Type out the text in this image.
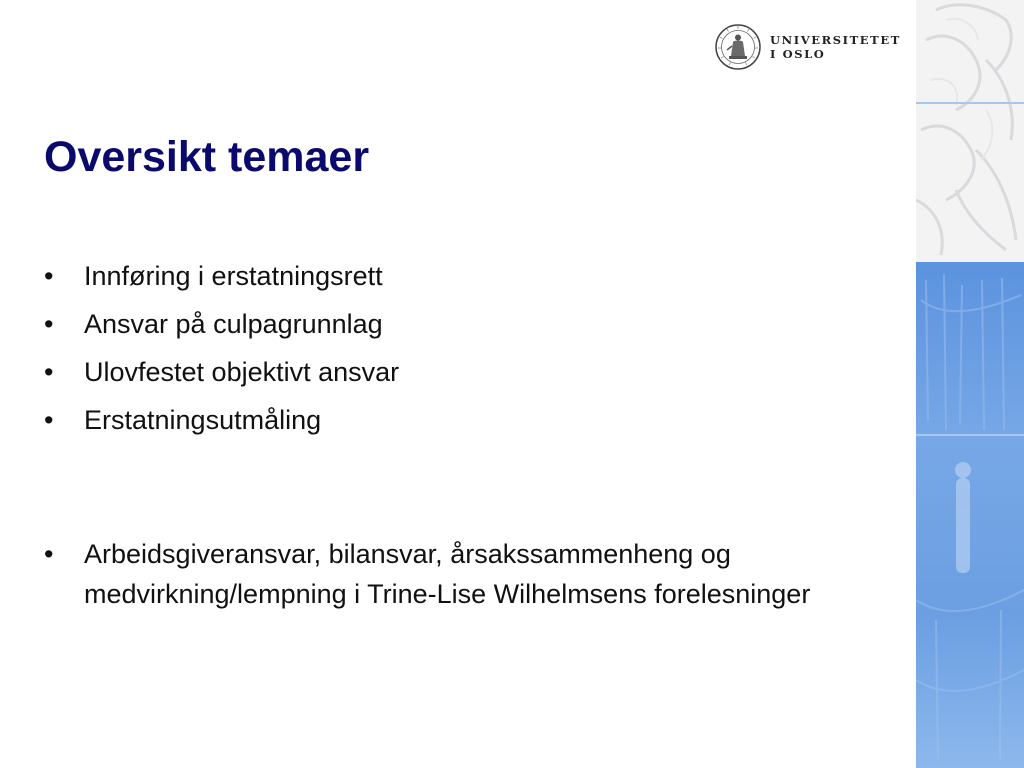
UNIVERSITETET
I OSLO
Oversikt temaer
• Innføring i erstatningsrett
• Ansvar på culpagrunnlag
• Ulovfestet objektivt ansvar
• Erstatningsutmåling
• Arbeidsgiveransvar, bilansvar, årsakssammenheng og medvirkning/lempning i Trine-Lise Wilhelmsens forelesninger
